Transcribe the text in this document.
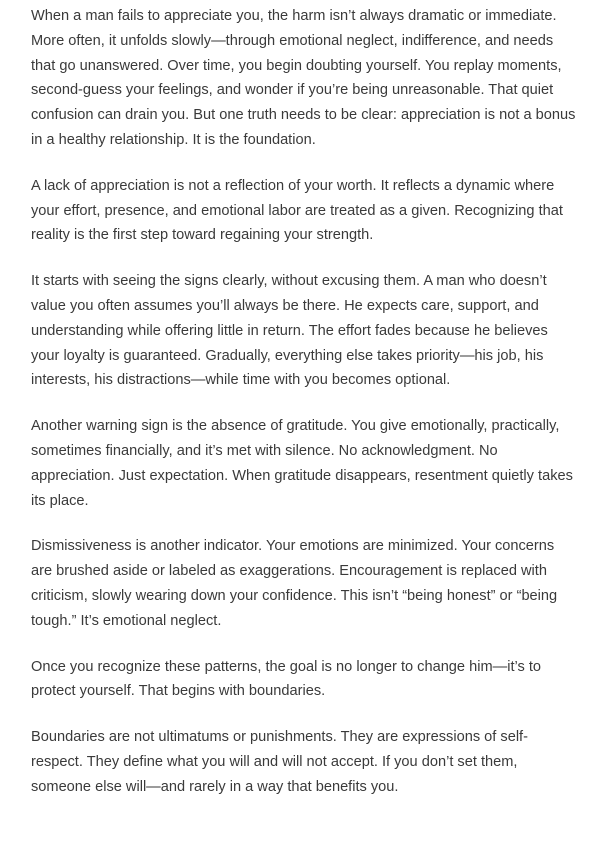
When a man fails to appreciate you, the harm isn’t always dramatic or immediate. More often, it unfolds slowly—through emotional neglect, indifference, and needs that go unanswered. Over time, you begin doubting yourself. You replay moments, second-guess your feelings, and wonder if you’re being unreasonable. That quiet confusion can drain you. But one truth needs to be clear: appreciation is not a bonus in a healthy relationship. It is the foundation.

A lack of appreciation is not a reflection of your worth. It reflects a dynamic where your effort, presence, and emotional labor are treated as a given. Recognizing that reality is the first step toward regaining your strength.

It starts with seeing the signs clearly, without excusing them. A man who doesn’t value you often assumes you’ll always be there. He expects care, support, and understanding while offering little in return. The effort fades because he believes your loyalty is guaranteed. Gradually, everything else takes priority—his job, his interests, his distractions—while time with you becomes optional.

Another warning sign is the absence of gratitude. You give emotionally, practically, sometimes financially, and it’s met with silence. No acknowledgment. No appreciation. Just expectation. When gratitude disappears, resentment quietly takes its place.

Dismissiveness is another indicator. Your emotions are minimized. Your concerns are brushed aside or labeled as exaggerations. Encouragement is replaced with criticism, slowly wearing down your confidence. This isn’t “being honest” or “being tough.” It’s emotional neglect.

Once you recognize these patterns, the goal is no longer to change him—it’s to protect yourself. That begins with boundaries.

Boundaries are not ultimatums or punishments. They are expressions of self-respect. They define what you will and will not accept. If you don’t set them, someone else will—and rarely in a way that benefits you.
